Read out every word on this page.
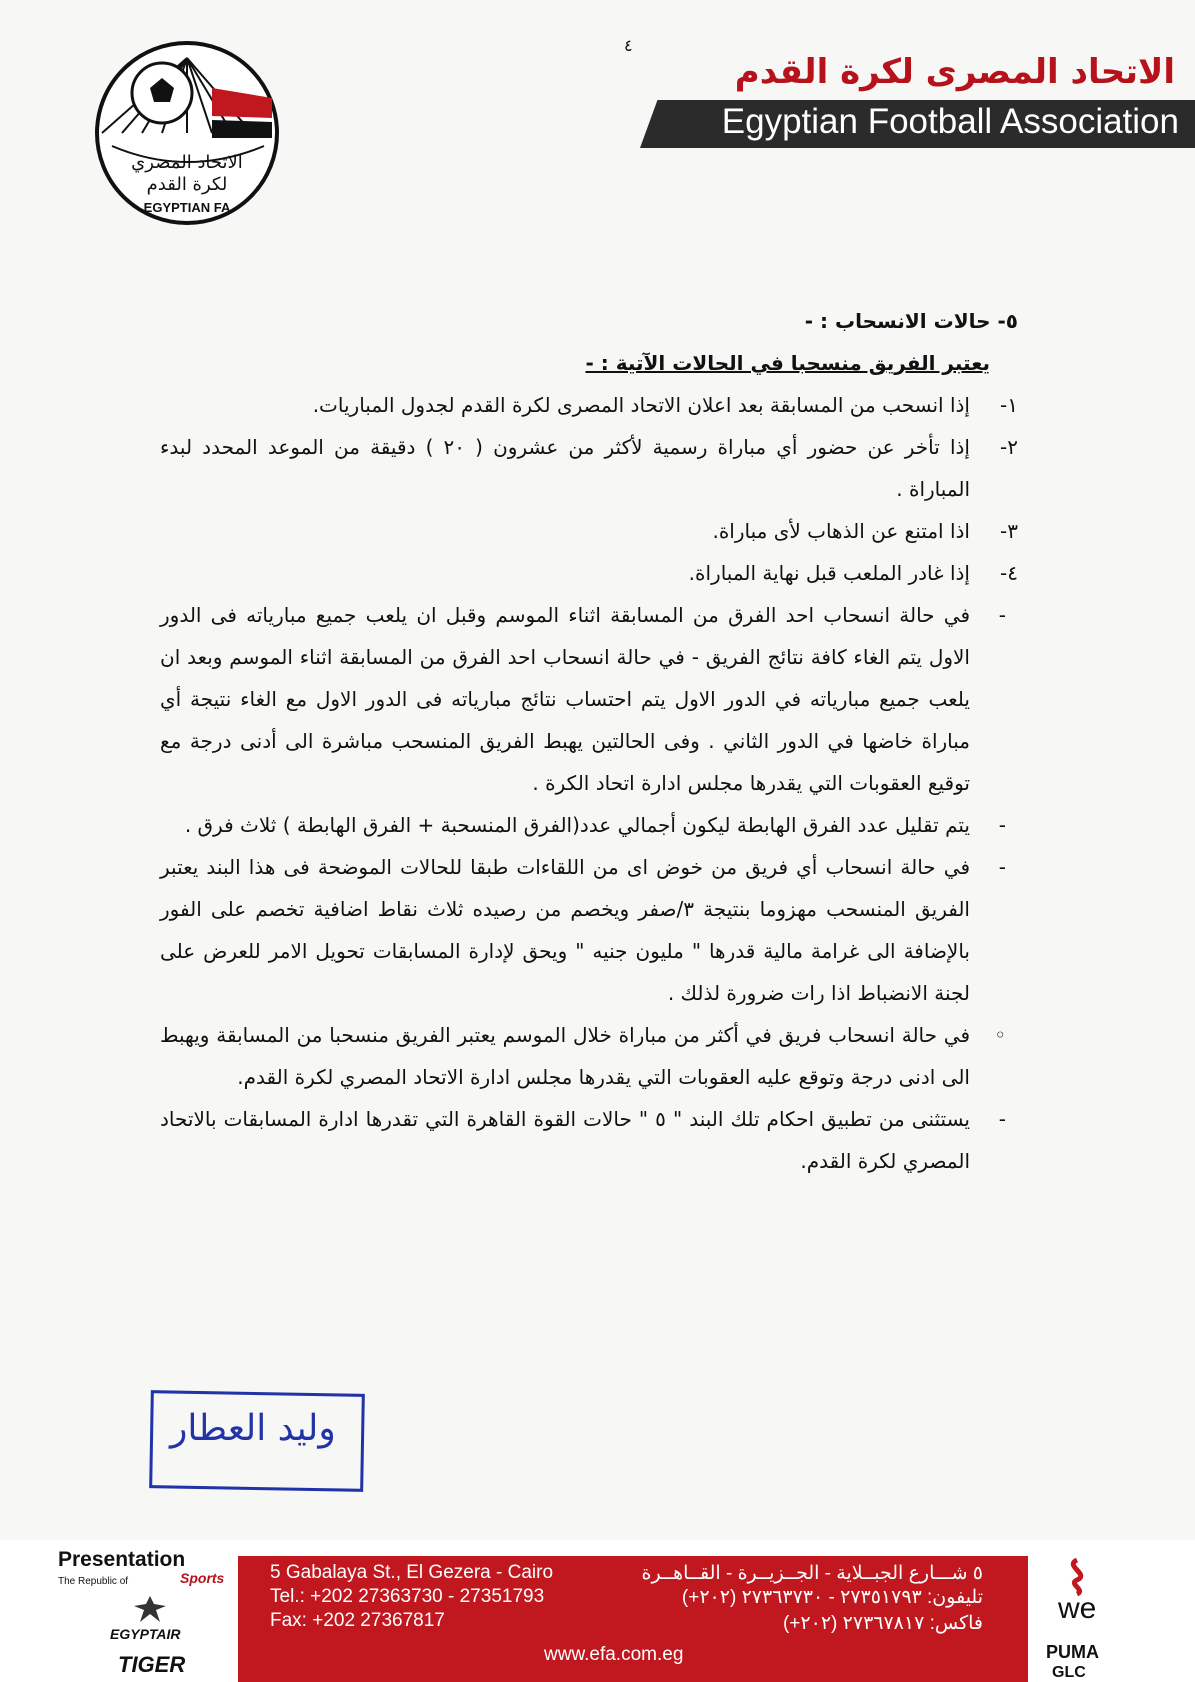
الاتحاد المصري
لكرة القدم
EGYPTIAN FA
٤
الاتحاد المصرى لكرة القدم
Egyptian Football Association
٥- حالات الانسحاب : -
يعتبر الفريق منسحبا في الحالات الآتية : -
١-
إذا انسحب من المسابقة بعد اعلان الاتحاد المصرى لكرة القدم لجدول المباريات.
٢-
إذا تأخر عن حضور أي مباراة رسمية لأكثر من عشرون ( ٢٠ ) دقيقة من الموعد المحدد لبدء المباراة .
٣-
اذا امتنع عن الذهاب لأى مباراة.
٤-
إذا غادر الملعب قبل نهاية المباراة.
-
في حالة انسحاب احد الفرق من المسابقة اثناء الموسم وقبل ان يلعب جميع مبارياته فى الدور الاول يتم الغاء كافة نتائج الفريق - في حالة انسحاب احد الفرق من المسابقة اثناء الموسم وبعد ان يلعب جميع مبارياته في الدور الاول يتم احتساب نتائج مبارياته فى الدور الاول مع الغاء نتيجة أي مباراة خاضها في الدور الثاني . وفى الحالتين يهبط الفريق المنسحب مباشرة الى أدنى درجة مع توقيع العقوبات التي يقدرها مجلس ادارة اتحاد الكرة .
-
يتم تقليل عدد الفرق الهابطة ليكون أجمالي عدد(الفرق المنسحبة + الفرق الهابطة ) ثلاث فرق .
-
في حالة انسحاب أي فريق من خوض اى من اللقاءات طبقا للحالات الموضحة فى هذا البند يعتبر الفريق المنسحب مهزوما بنتيجة ٣/صفر ويخصم من رصيده ثلاث نقاط اضافية تخصم على الفور بالإضافة الى غرامة مالية قدرها " مليون جنيه " ويحق لإدارة المسابقات تحويل الامر للعرض على لجنة الانضباط اذا رات ضرورة لذلك .
◦
في حالة انسحاب فريق في أكثر من مباراة خلال الموسم يعتبر الفريق منسحبا من المسابقة ويهبط الى ادنى درجة وتوقع عليه العقوبات التي يقدرها مجلس ادارة الاتحاد المصري لكرة القدم.
-
يستثنى من تطبيق احكام تلك البند " ٥ " حالات القوة القاهرة التي تقدرها ادارة المسابقات بالاتحاد المصري لكرة القدم.
وليد العطار
5 Gabalaya St., El Gezera - Cairo
Tel.: +202 27363730 - 27351793
Fax: +202 27367817
٥ شـــارع الجبــلاية - الجــزيــرة - القــاهــرة
تليفون: ٢٧٣٥١٧٩٣ - ٢٧٣٦٣٧٣٠ (٢٠٢+)
فاكس: ٢٧٣٦٧٨١٧ (٢٠٢+)
www.efa.com.eg
Presentation
The Republic of	Sports
EGYPTAIR
TIGER
we
PUMA
GLC
